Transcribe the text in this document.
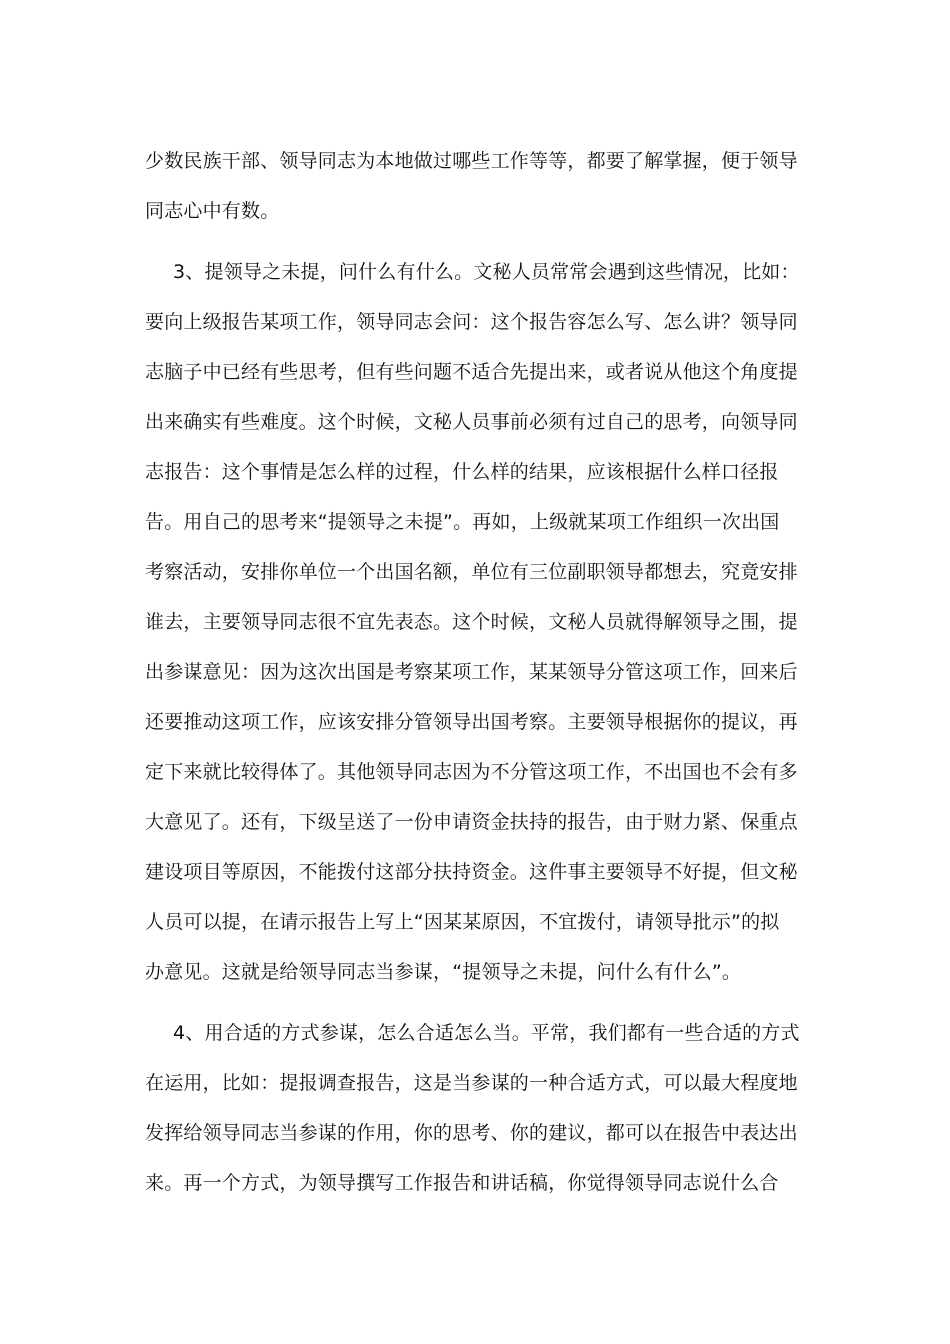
少数民族干部、领导同志为本地做过哪些工作等等，都要了解掌握，便于领导
同志心中有数。
3、提领导之未提，问什么有什么。文秘人员常常会遇到这些情况，比如：
要向上级报告某项工作，领导同志会问：这个报告容怎么写、怎么讲？领导同
志脑子中已经有些思考，但有些问题不适合先提出来，或者说从他这个角度提
出来确实有些难度。这个时候，文秘人员事前必须有过自己的思考，向领导同
志报告：这个事情是怎么样的过程，什么样的结果，应该根据什么样口径报
告。用自己的思考来“提领导之未提”。再如，上级就某项工作组织一次出国
考察活动，安排你单位一个出国名额，单位有三位副职领导都想去，究竟安排
谁去，主要领导同志很不宜先表态。这个时候，文秘人员就得解领导之围，提
出参谋意见：因为这次出国是考察某项工作，某某领导分管这项工作，回来后
还要推动这项工作，应该安排分管领导出国考察。主要领导根据你的提议，再
定下来就比较得体了。其他领导同志因为不分管这项工作，不出国也不会有多
大意见了。还有，下级呈送了一份申请资金扶持的报告，由于财力紧、保重点
建设项目等原因，不能拨付这部分扶持资金。这件事主要领导不好提，但文秘
人员可以提，在请示报告上写上“因某某原因，不宜拨付，请领导批示”的拟
办意见。这就是给领导同志当参谋，“提领导之未提，问什么有什么”。
4、用合适的方式参谋，怎么合适怎么当。平常，我们都有一些合适的方式
在运用，比如：提报调查报告，这是当参谋的一种合适方式，可以最大程度地
发挥给领导同志当参谋的作用，你的思考、你的建议，都可以在报告中表达出
来。再一个方式，为领导撰写工作报告和讲话稿，你觉得领导同志说什么合
